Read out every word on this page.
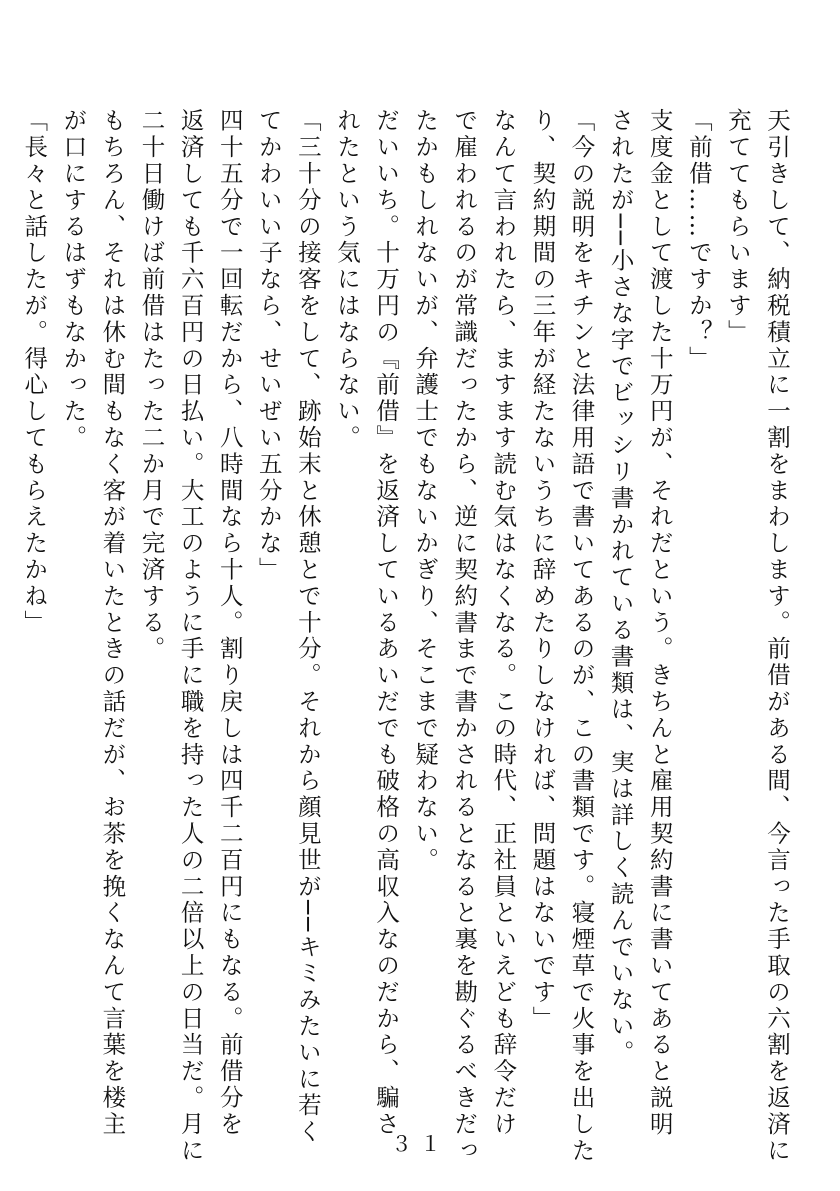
天引きして、納税積立に一割をまわします。前借がある間、今言った手取の六割を返済に
充ててもらいます」
「前借……ですか？」
支度金として渡した十万円が、それだという。きちんと雇用契約書に書いてあると説明
されたが──小さな字でビッシリ書かれている書類は、実は詳しく読んでいない。
「今の説明をキチンと法律用語で書いてあるのが、この書類です。寝煙草で火事を出した
り、契約期間の三年が経たないうちに辞めたりしなければ、問題はないです」
なんて言われたら、ますます読む気はなくなる。この時代、正社員といえども辞令だけ
で雇われるのが常識だったから、逆に契約書まで書かされるとなると裏を勘ぐるべきだっ
たかもしれないが、弁護士でもないかぎり、そこまで疑わない。
だいいち。十万円の『前借』を返済しているあいだでも破格の高収入なのだから、騙さ
れたという気にはならない。
「三十分の接客をして、跡始末と休憩とで十分。それから顔見世が──キミみたいに若く
てかわいい子なら、せいぜい五分かな」
四十五分で一回転だから、八時間なら十人。割り戻しは四千二百円にもなる。前借分を
返済しても千六百円の日払い。大工のように手に職を持った人の二倍以上の日当だ。月に
二十日働けば前借はたった二か月で完済する。
もちろん、それは休む間もなく客が着いたときの話だが、お茶を挽くなんて言葉を楼主
が口にするはずもなかった。
「長々と話したが。得心してもらえたかね」
３１
